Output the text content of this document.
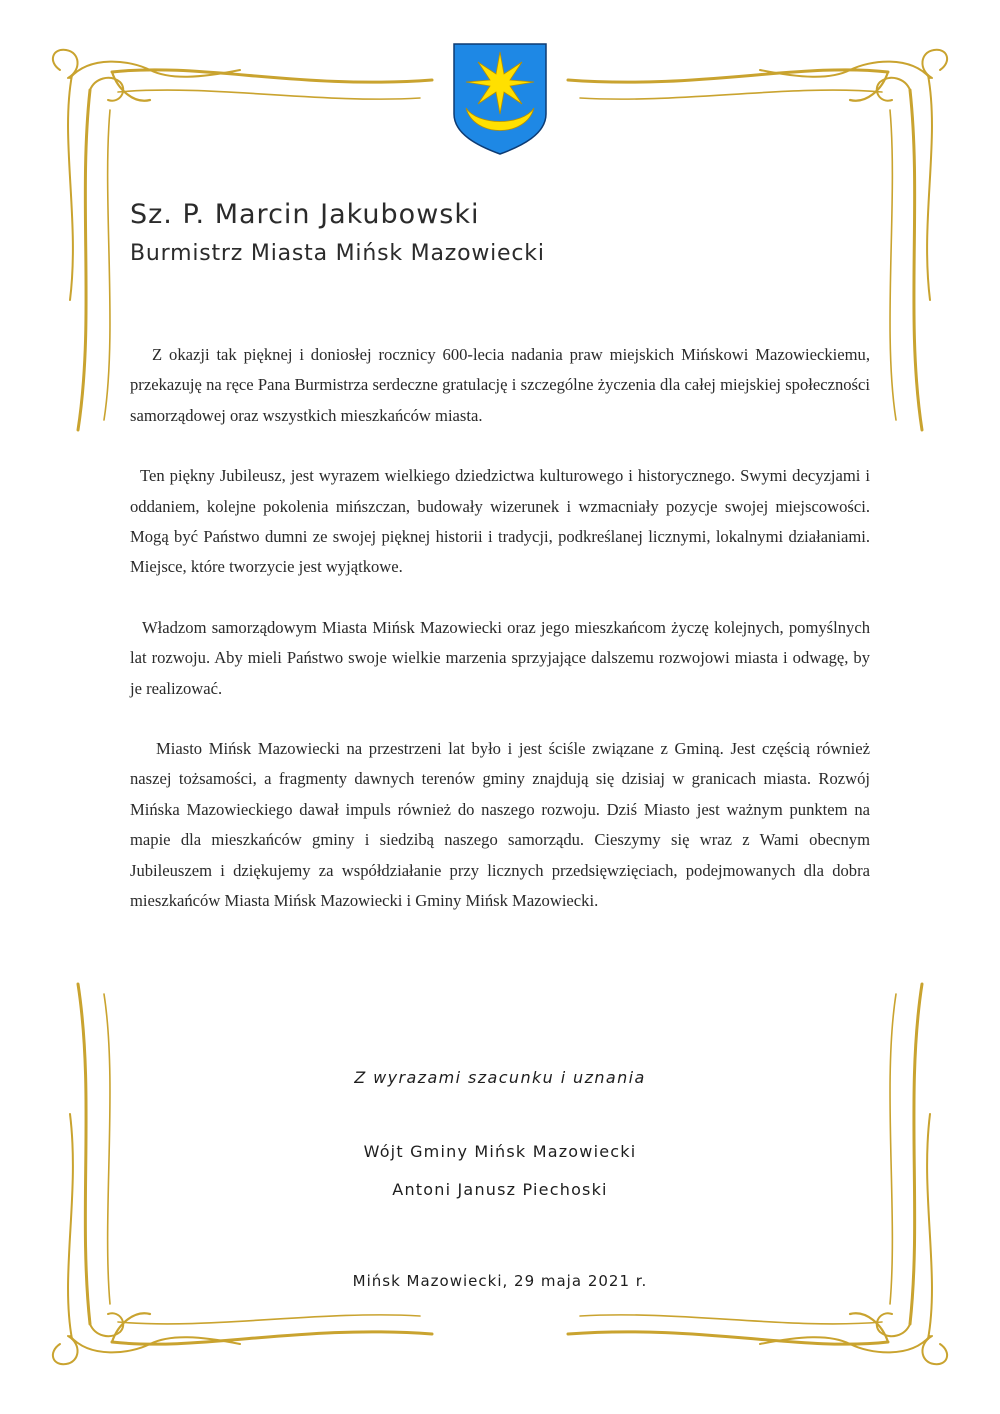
Sz. P. Marcin Jakubowski
Burmistrz Miasta Mińsk Mazowiecki

Z okazji tak pięknej i doniosłej rocznicy 600-lecia nadania praw miejskich Mińskowi Mazowieckiemu, przekazuję na ręce Pana Burmistrza serdeczne gratulację i szczególne życzenia dla całej miejskiej społeczności samorządowej oraz wszystkich mieszkańców miasta.

Ten piękny Jubileusz, jest wyrazem wielkiego dziedzictwa kulturowego i historycznego. Swymi decyzjami i oddaniem, kolejne pokolenia mińszczan, budowały wizerunek i wzmacniały pozycje swojej miejscowości. Mogą być Państwo dumni ze swojej pięknej historii i tradycji, podkreślanej licznymi, lokalnymi działaniami. Miejsce, które tworzycie jest wyjątkowe.

Władzom samorządowym Miasta Mińsk Mazowiecki oraz jego mieszkańcom życzę kolejnych, pomyślnych lat rozwoju. Aby mieli Państwo swoje wielkie marzenia sprzyjające dalszemu rozwojowi miasta i odwagę, by je realizować.

Miasto Mińsk Mazowiecki na przestrzeni lat było i jest ściśle związane z Gminą. Jest częścią również naszej tożsamości, a fragmenty dawnych terenów gminy znajdują się dzisiaj w granicach miasta. Rozwój Mińska Mazowieckiego dawał impuls również do naszego rozwoju. Dziś Miasto jest ważnym punktem na mapie dla mieszkańców gminy i siedzibą naszego samorządu. Cieszymy się wraz z Wami obecnym Jubileuszem i dziękujemy za współdziałanie przy licznych przedsięwzięciach, podejmowanych dla dobra mieszkańców Miasta Mińsk Mazowiecki i Gminy Mińsk Mazowiecki.

Z wyrazami szacunku i uznania
Wójt Gminy Mińsk Mazowiecki
Antoni Janusz Piechoski
Mińsk Mazowiecki, 29 maja 2021 r.
